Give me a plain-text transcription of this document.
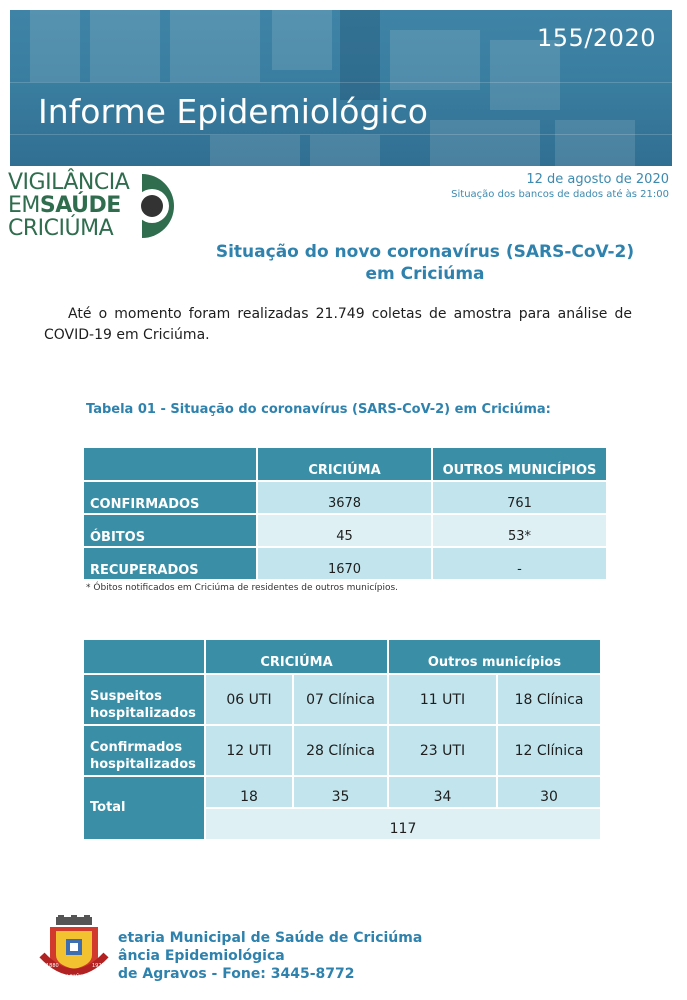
155/2020
Informe Epidemiológico
VIGILÂNCIA
EMSAÚDE
CRICIÚMA
12 de agosto de 2020
Situação dos bancos de dados até às 21:00
Situação do novo coronavírus (SARS-CoV-2)
em Criciúma
Até o momento foram realizadas 21.749 coletas de amostra para análise de COVID-19 em Criciúma.
Tabela 01 - Situação do coronavírus (SARS-CoV-2) em Criciúma:
	CRICIÚMA	OUTROS MUNICÍPIOS
CONFIRMADOS	3678	761
ÓBITOS	45	53*
RECUPERADOS	1670	-
* Óbitos notificados em Criciúma de residentes de outros municípios.
	CRICIÚMA		Outros municípios	
Suspeitos hospitalizados	06 UTI	07 Clínica	11 UTI	18 Clínica
Confirmados hospitalizados	12 UTI	28 Clínica	23 UTI	12 Clínica
Total	18	35	34	30
	117			
CRICIÚMA
1880	1925
etaria Municipal de Saúde de Criciúma
ância Epidemiológica
de Agravos - Fone: 3445-8772
